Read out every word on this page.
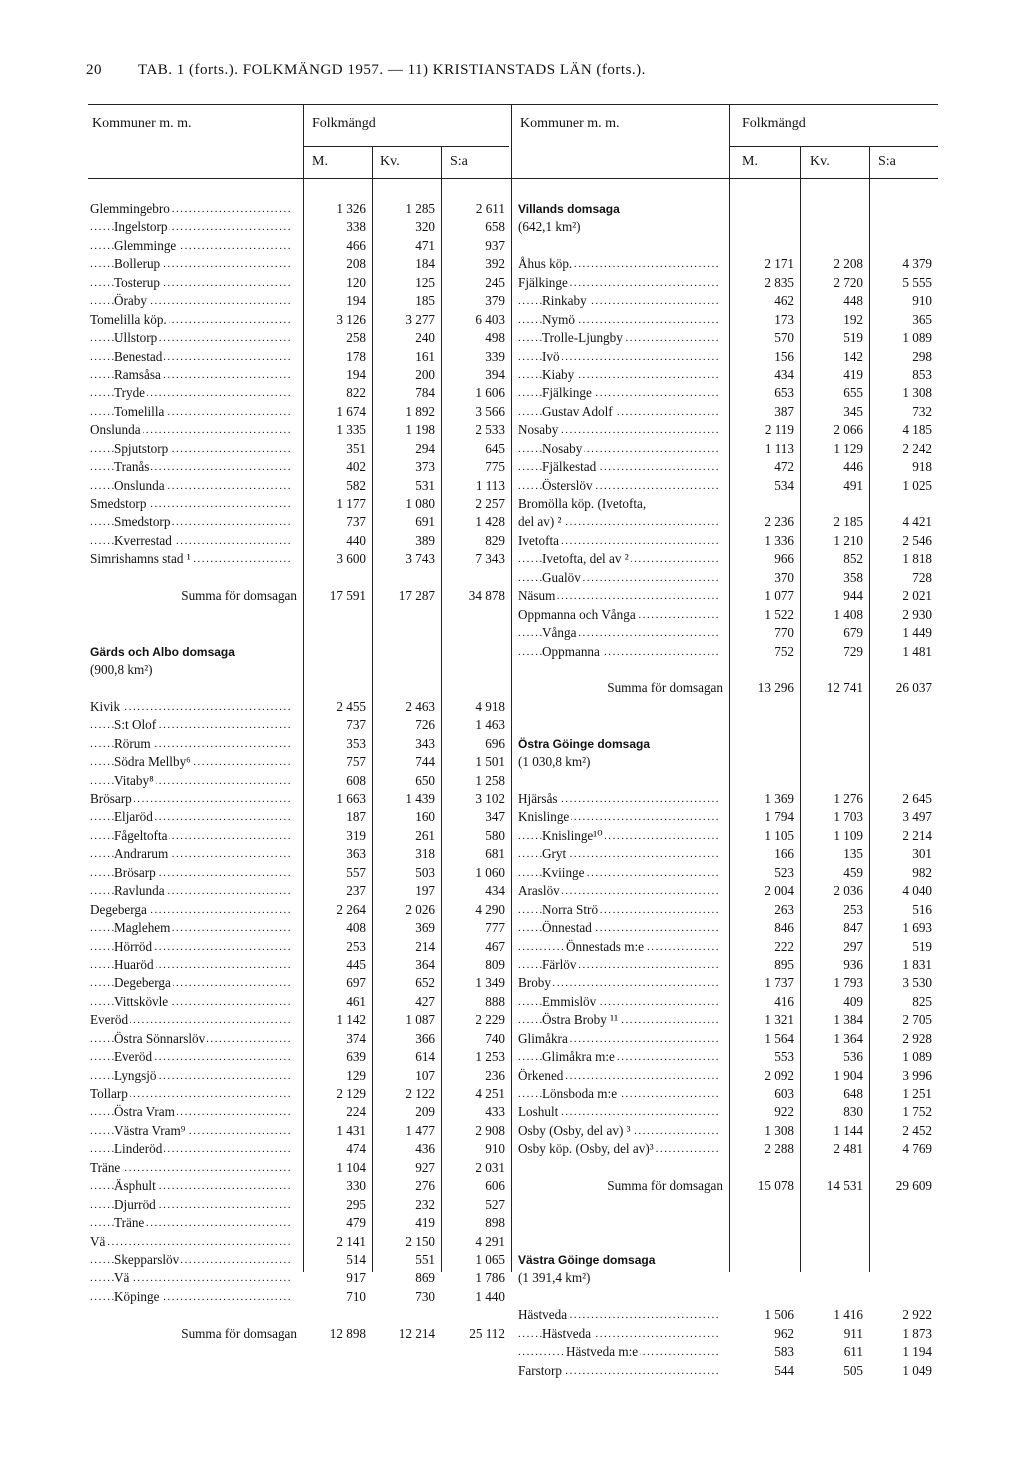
20 TAB. 1 (forts.). FOLKMÄNGD 1957. — 11) KRISTIANSTADS LÄN (forts.).
Kommuner m. m.	Folkmängd
M.	Kv.	S:a
Kommuner m. m.	Folkmängd
M.	Kv.	S:a
Glemmingebro . . .	1 326	1 285	2 611
Ingelstorp . . .	338	320	658
Glemminge . . .	466	471	937
Bollerup . . .	208	184	392
Tosterup . . .	120	125	245
Öraby . . .	194	185	379
Tomelilla köp. . . .	3 126	3 277	6 403
Ullstorp . . .	258	240	498
Benestad . . .	178	161	339
Ramsåsa . . .	194	200	394
Tryde . . .	822	784	1 606
Tomelilla . . .	1 674	1 892	3 566
Onslunda . . .	1 335	1 198	2 533
Spjutstorp . . .	351	294	645
Tranås . . .	402	373	775
Onslunda . . .	582	531	1 113
Smedstorp . . .	1 177	1 080	2 257
Smedstorp . . .	737	691	1 428
Kverrestad . . .	440	389	829
Simrishamns stad ¹ . . .	3 600	3 743	7 343
Summa för domsagan	17 591	17 287	34 878
Gärds och Albo domsaga
(900,8 km²)
Kivik . . .	2 455	2 463	4 918
S:t Olof . . .	737	726	1 463
Rörum . . .	353	343	696
Södra Mellby⁶ . . .	757	744	1 501
Vitaby⁸ . . .	608	650	1 258
Brösarp . . .	1 663	1 439	3 102
Eljaröd . . .	187	160	347
Fågeltofta . . .	319	261	580
Andrarum . . .	363	318	681
Brösarp . . .	557	503	1 060
Ravlunda . . .	237	197	434
Degeberga . . .	2 264	2 026	4 290
Maglehem . . .	408	369	777
Hörröd . . .	253	214	467
Huaröd . . .	445	364	809
Degeberga . . .	697	652	1 349
Vittskövle . . .	461	427	888
Everöd . . .	1 142	1 087	2 229
Östra Sönnarslöv . . .	374	366	740
Everöd . . .	639	614	1 253
Lyngsjö . . .	129	107	236
Tollarp . . .	2 129	2 122	4 251
Östra Vram . . .	224	209	433
Västra Vram⁹ . . .	1 431	1 477	2 908
Linderöd . . .	474	436	910
Träne . . .	1 104	927	2 031
Äsphult . . .	330	276	606
Djurröd . . .	295	232	527
Träne . . .	479	419	898
Vä . . .	2 141	2 150	4 291
Skepparslöv . . .	514	551	1 065
Vä . . .	917	869	1 786
Köpinge . . .	710	730	1 440
Summa för domsagan	12 898	12 214	25 112
Villands domsaga
(642,1 km²)
Åhus köp. . . .	2 171	2 208	4 379
Fjälkinge . . .	2 835	2 720	5 555
Rinkaby . . .	462	448	910
Nymö . . .	173	192	365
Trolle-Ljungby . . .	570	519	1 089
Ivö . . .	156	142	298
Kiaby . . .	434	419	853
Fjälkinge . . .	653	655	1 308
Gustav Adolf . . .	387	345	732
Nosaby . . .	2 119	2 066	4 185
Nosaby . . .	1 113	1 129	2 242
Fjälkestad . . .	472	446	918
Österslöv . . .	534	491	1 025
Bromölla köp. (Ivetofta,
del av) ² . . .	2 236	2 185	4 421
Ivetofta . . .	1 336	1 210	2 546
Ivetofta, del av ² . . .	966	852	1 818
Gualöv . . .	370	358	728
Näsum . . .	1 077	944	2 021
Oppmanna och Vånga . . .	1 522	1 408	2 930
Vånga . . .	770	679	1 449
Oppmanna . . .	752	729	1 481
Summa för domsagan	13 296	12 741	26 037
Östra Göinge domsaga
(1 030,8 km²)
Hjärsås . . .	1 369	1 276	2 645
Knislinge . . .	1 794	1 703	3 497
Knislinge¹⁰ . . .	1 105	1 109	2 214
Gryt . . .	166	135	301
Kviinge . . .	523	459	982
Araslöv . . .	2 004	2 036	4 040
Norra Strö . . .	263	253	516
Önnestad . . .	846	847	1 693
Önnestads m:e . . .	222	297	519
Färlöv . . .	895	936	1 831
Broby . . .	1 737	1 793	3 530
Emmislöv . . .	416	409	825
Östra Broby ¹¹ . . .	1 321	1 384	2 705
Glimåkra . . .	1 564	1 364	2 928
Glimåkra m:e . . .	553	536	1 089
Örkened . . .	2 092	1 904	3 996
Lönsboda m:e . . .	603	648	1 251
Loshult . . .	922	830	1 752
Osby (Osby, del av) ³ . . .	1 308	1 144	2 452
Osby köp. (Osby, del av)³ . . .	2 288	2 481	4 769
Summa för domsagan	15 078	14 531	29 609
Västra Göinge domsaga
(1 391,4 km²)
Hästveda . . .	1 506	1 416	2 922
Hästveda . . .	962	911	1 873
Hästveda m:e . . .	583	611	1 194
Farstorp . . .	544	505	1 049
